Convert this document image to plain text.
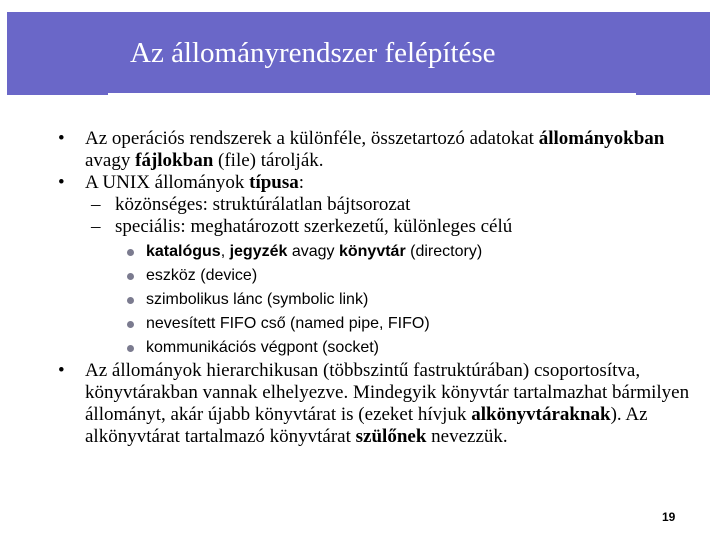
Az állományrendszer felépítése
•	Az operációs rendszerek a különféle, összetartozó adatokat állományokban avagy fájlokban (file) tárolják.
•	A UNIX állományok típusa:
– közönséges: struktúrálatlan bájtsorozat
– speciális: meghatározott szerkezetű, különleges célú
katalógus, jegyzék avagy könyvtár (directory)
eszköz (device)
szimbolikus lánc (symbolic link)
nevesített FIFO cső (named pipe, FIFO)
kommunikációs végpont (socket)
•	Az állományok hierarchikusan (többszintű fastruktúrában) csoportosítva, könyvtárakban vannak elhelyezve. Mindegyik könyvtár tartalmazhat bármilyen állományt, akár újabb könyvtárat is (ezeket hívjuk alkönyvtáraknak). Az alkönyvtárat tartalmazó könyvtárat szülőnek nevezzük.
19
